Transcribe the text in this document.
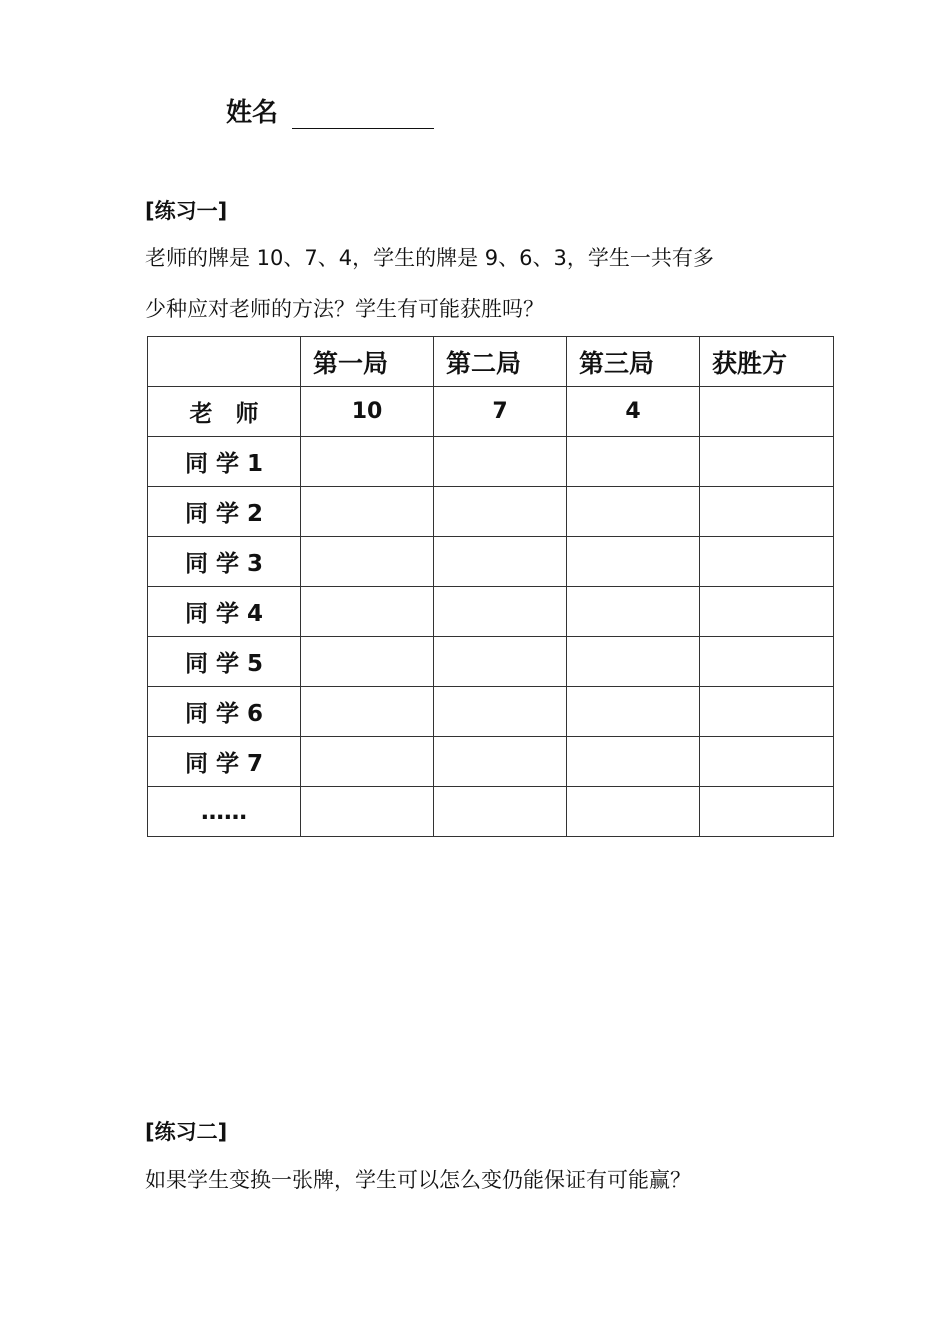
姓名
[练习一]
老师的牌是 10、7、4，学生的牌是 9、6、3，学生一共有多
少种应对老师的方法？学生有可能获胜吗？
	第一局	第二局	第三局	获胜方
老　师	10	7	4	
同 学 1				
同 学 2				
同 学 3				
同 学 4				
同 学 5				
同 学 6				
同 学 7				
……				
[练习二]
如果学生变换一张牌，学生可以怎么变仍能保证有可能赢？
